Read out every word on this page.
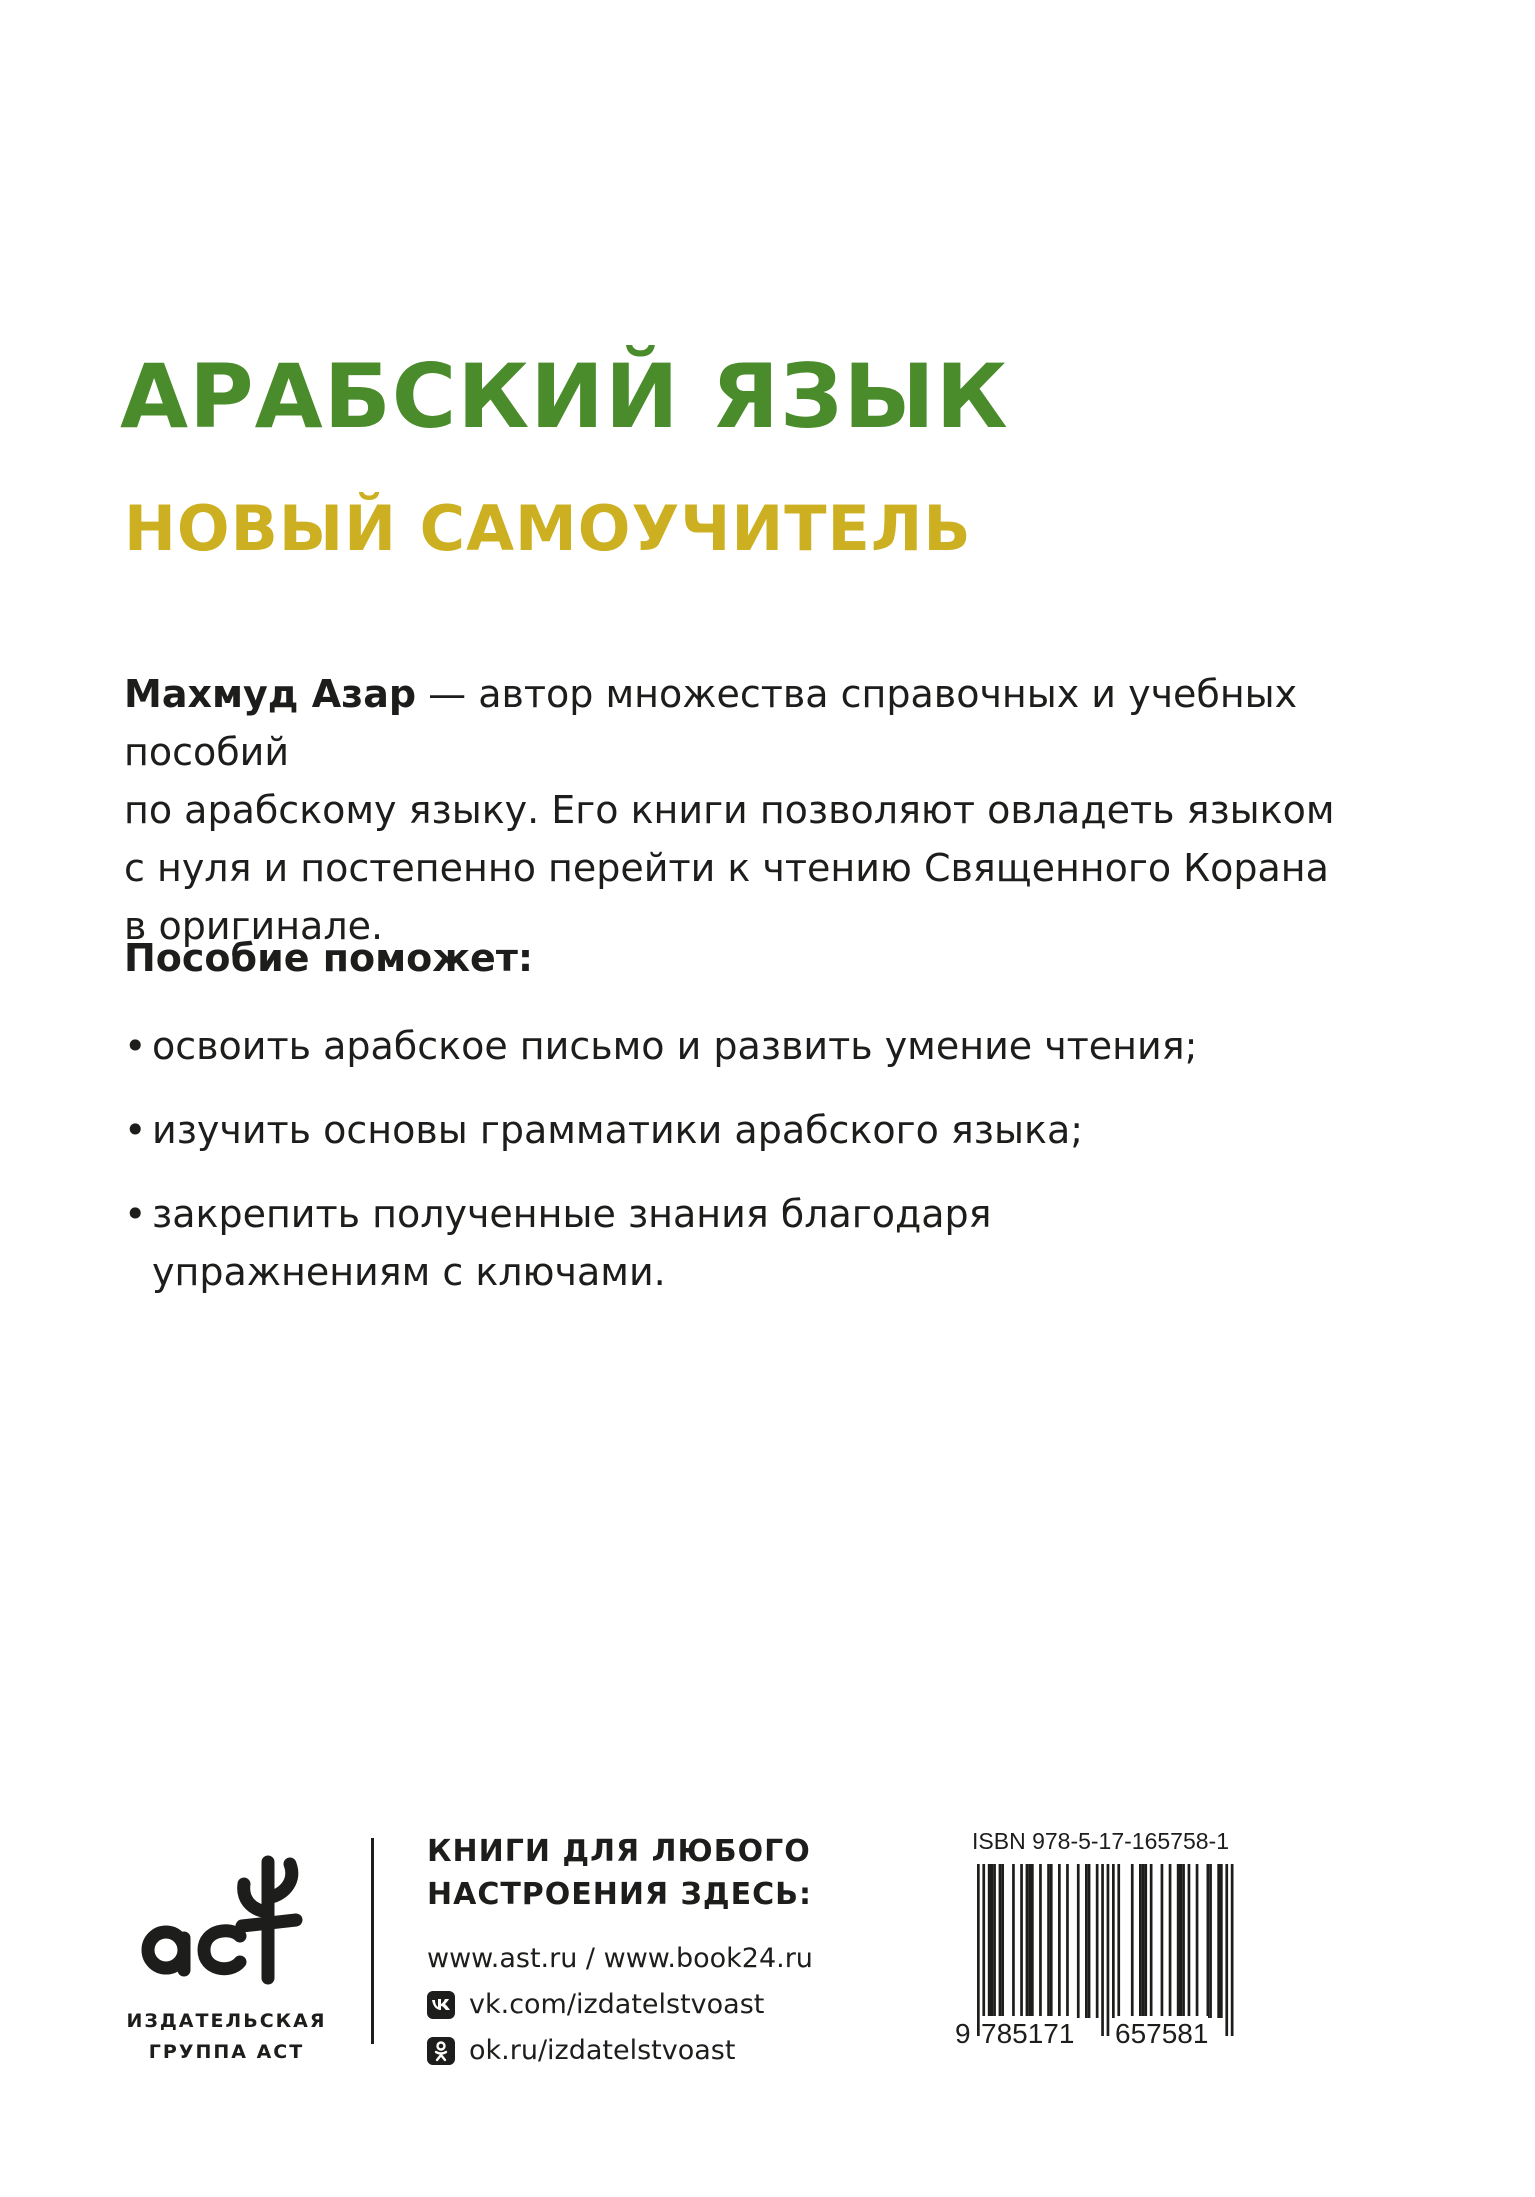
АРАБСКИЙ ЯЗЫК
НОВЫЙ САМОУЧИТЕЛЬ

Махмуд Азар — автор множества справочных и учебных пособий
по арабскому языку. Его книги позволяют овладеть языком
с нуля и постепенно перейти к чтению Священного Корана
в оригинале.

Пособие поможет:

• освоить арабское письмо и развить умение чтения;
• изучить основы грамматики арабского языка;
• закрепить полученные знания благодаря упражнениям с ключами.
аст
ИЗДАТЕЛЬСКАЯ
ГРУППА АСТ
КНИГИ ДЛЯ ЛЮБОГО
НАСТРОЕНИЯ ЗДЕСЬ:
www.ast.ru / www.book24.ru
vk.com/izdatelstvoast
ok.ru/izdatelstvoast
ISBN 978-5-17-165758-1
9 785171 657581
